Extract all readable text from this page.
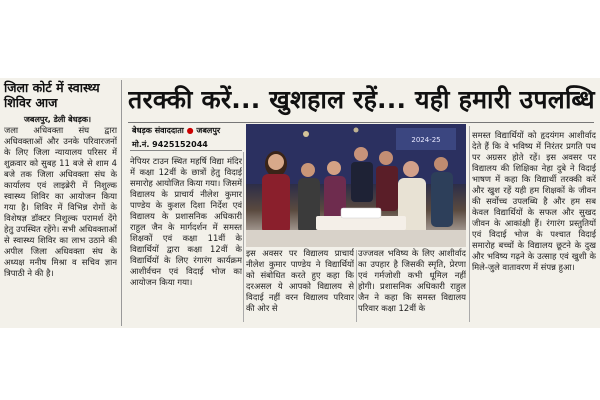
जिला कोर्ट में स्वास्थ्य शिविर आज
जबलपुर, डेली बेधड़क।

जला अधिवक्ता संघ द्वारा अधिवक्ताओं और उनके परिवारजनों के लिए जिला न्यायालय परिसर में शुक्रवार को सुबह 11 बजे से शाम 4 बजे तक जिला अधिवक्ता संघ के कार्यालय एवं लाइब्रेरी में निशुल्क स्वास्थ्य शिविर का आयोजन किया गया है। शिविर में विभिन्न रोगों के विशेषज्ञ डॉक्टर निशुल्क परामर्श देंगे हेतु उपस्थित रहेंगे। सभी अधिवक्ताओं से स्वास्थ्य शिविर का लाभ उठाने की अपील जिला अधिवक्ता संघ के अध्यक्ष मनीष मिश्रा व सचिव ज्ञान त्रिपाठी ने की है।

तरक्की करें... खुशहाल रहें... यही हमारी उपलब्धि
बेधड़क संवाददाता ● जबलपुर
मो.नं. 9425152044

नेपियर टाउन स्थित महर्षि विद्या मंदिर में कक्षा 12वीं के छात्रों हेतु विदाई समारोह आयोजित किया गया। जिसमें विद्यालय के प्राचार्य नीलेश कुमार पाण्डेय के कुशल दिशा निर्देश एवं विद्यालय के प्रशासनिक अधिकारी राहुल जैन के मार्गदर्शन में समस्त शिक्षकों एवं कक्षा 11वीं के विद्यार्थियों द्वारा कक्षा 12वीं के विद्यार्थियों के लिए रंगारंग कार्यक्रम आशीर्वचन एवं विदाई भोज का आयोजन किया गया।

2024-25	समस्त विद्यार्थियों को हृदयंगम आशीर्वाद देते हैं कि वे भविष्य में निरंतर प्रगति पथ पर अग्रसर होते रहें। इस अवसर पर विद्यालय की शिक्षिका नेहा दुबे ने विदाई भाषण में कहा कि विद्यार्थी तरक्की करें और खुश रहें यही हम शिक्षकों के जीवन की सर्वोच्च उपलब्धि है और हम सब केवल विद्यार्थियों के सफल और सुखद जीवन के आकांक्षी हैं। रंगारंग प्रस्तुतियों एवं विदाई भोज के पश्चात विदाई समारोह बच्चों के विद्यालय छूटने के दुख और भविष्य गढ़ने के उत्साह एवं खुशी के मिले-जुले वातावरण में संपन्न हुआ।

इस अवसर पर विद्यालय प्राचार्य नीलेश कुमार पाण्डेय ने विद्यार्थियों को संबोधित करते हुए कहा कि दरअसल ये आपको विद्यालय से विदाई नहीं वरन विद्यालय परिवार की ओर से

उज्जवल भविष्य के लिए आशीर्वाद का उपहार है जिसकी स्मृति, प्रेरणा एवं गर्मजोशी कभी धूमिल नहीं होगी। प्रशासनिक अधिकारी राहुल जैन ने कहा कि समस्त विद्यालय परिवार कक्षा 12वीं के
